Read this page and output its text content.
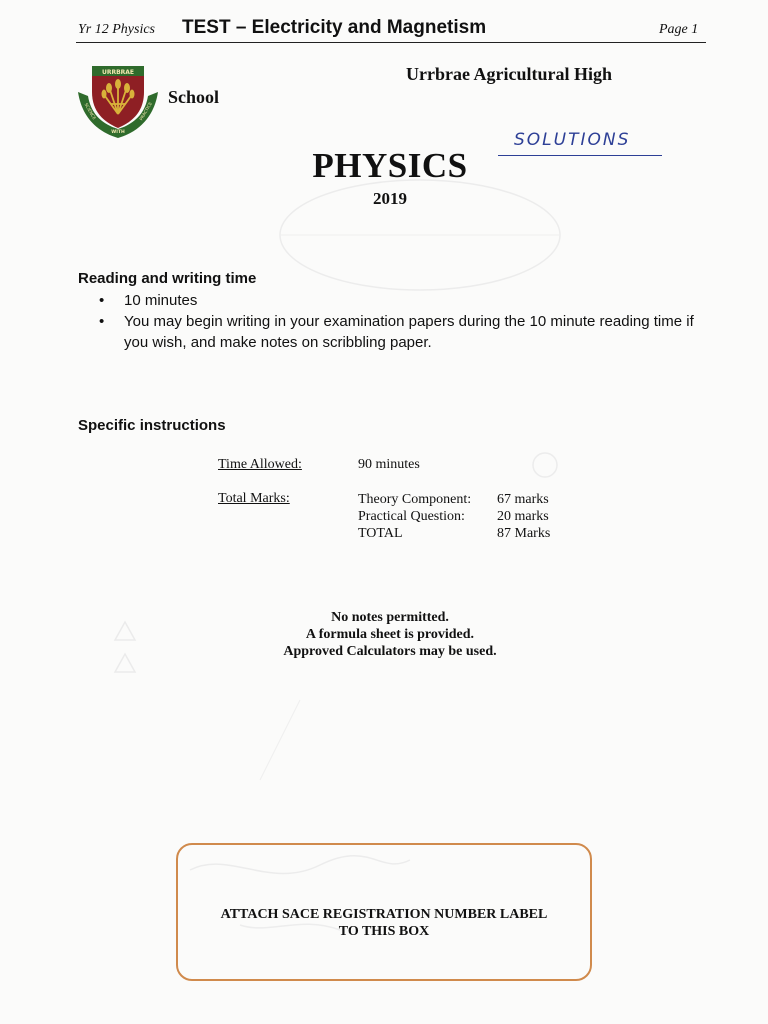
Yr 12 Physics TEST – Electricity and Magnetism	Page 1
URRBRAE
SCIENCE	PRACTICE
WITH
Urrbrae Agricultural High
School
SOLUTIONS
PHYSICS
2019
Reading and writing time
• 10 minutes
• You may begin writing in your examination papers during the 10 minute reading time if you wish, and make notes on scribbling paper.
Specific instructions
Time Allowed:	90 minutes
Total Marks:	Theory Component:	67 marks
Practical Question:	20 marks
TOTAL	87 Marks
No notes permitted.
A formula sheet is provided.
Approved Calculators may be used.
ATTACH SACE REGISTRATION NUMBER LABEL
TO THIS BOX
